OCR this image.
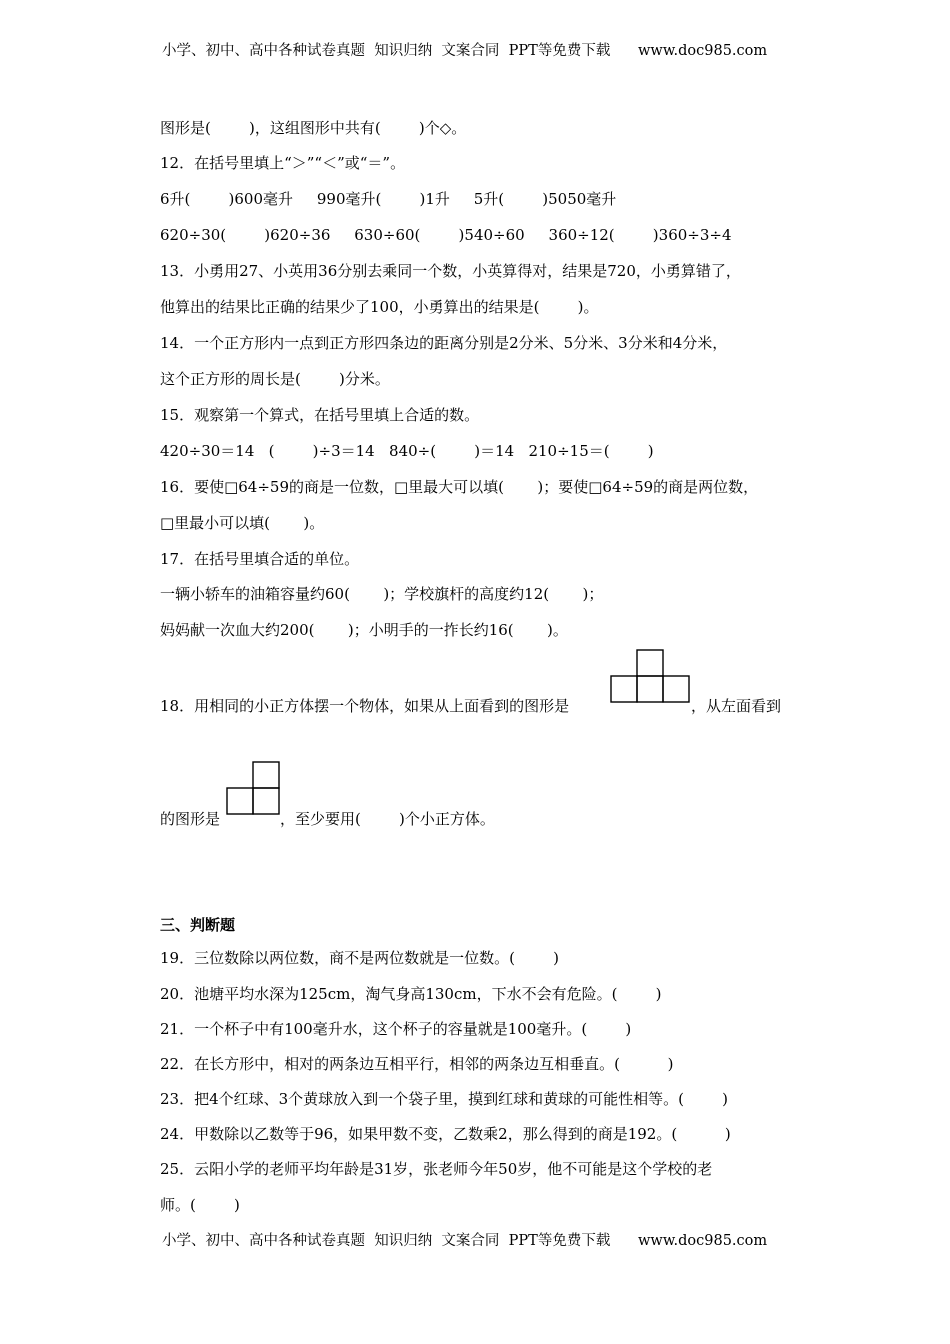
小学、初中、高中各种试卷真题  知识归纳  文案合同  PPT等免费下载      www.doc985.com
图形是(        )，这组图形中共有(        )个◇。
12．在括号里填上“＞”“＜”或“＝”。
6升(        )600毫升     990毫升(        )1升     5升(        )5050毫升
620÷30(        )620÷36     630÷60(        )540÷60     360÷12(        )360÷3÷4
13．小勇用27、小英用36分别去乘同一个数，小英算得对，结果是720，小勇算错了，
他算出的结果比正确的结果少了100，小勇算出的结果是(        )。
14．一个正方形内一点到正方形四条边的距离分别是2分米、5分米、3分米和4分米，
这个正方形的周长是(        )分米。
15．观察第一个算式，在括号里填上合适的数。
420÷30＝14   (        )÷3＝14   840÷(        )＝14   210÷15＝(        )
16．要使□64÷59的商是一位数，□里最大可以填(       )；要使□64÷59的商是两位数，
□里最小可以填(       )。
17．在括号里填合适的单位。
一辆小轿车的油箱容量约60(       )；学校旗杆的高度约12(       )；
妈妈献一次血大约200(       )；小明手的一拃长约16(       )。
18．用相同的小正方体摆一个物体，如果从上面看到的图形是	，从左面看到
的图形是	，至少要用(        )个小正方体。
三、判断题
19．三位数除以两位数，商不是两位数就是一位数。(        )
20．池塘平均水深为125cm，淘气身高130cm，下水不会有危险。(        )
21．一个杯子中有100毫升水，这个杯子的容量就是100毫升。(        )
22．在长方形中，相对的两条边互相平行，相邻的两条边互相垂直。(          )
23．把4个红球、3个黄球放入到一个袋子里，摸到红球和黄球的可能性相等。(        )
24．甲数除以乙数等于96，如果甲数不变，乙数乘2，那么得到的商是192。(          )
25．云阳小学的老师平均年龄是31岁，张老师今年50岁，他不可能是这个学校的老
师。(        )
小学、初中、高中各种试卷真题  知识归纳  文案合同  PPT等免费下载      www.doc985.com
